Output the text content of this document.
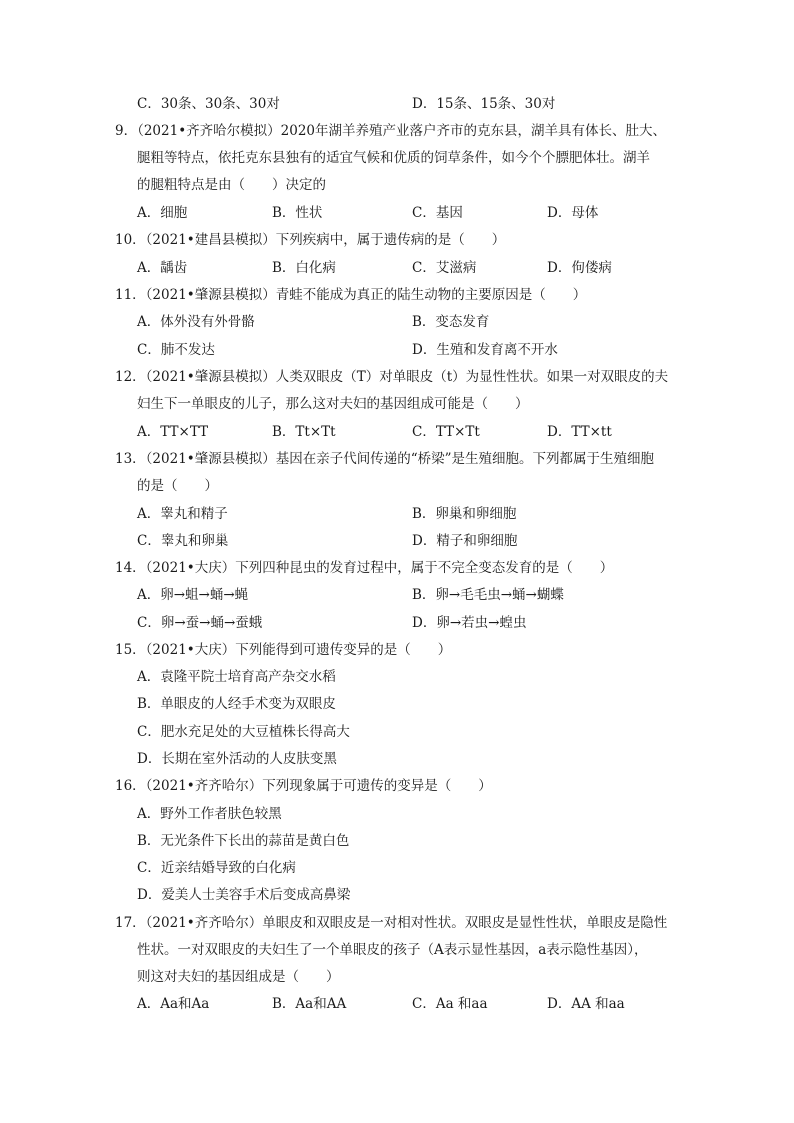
C．30条、30条、30对	D．15条、15条、30对
9．（2021•齐齐哈尔模拟）2020年湖羊养殖产业落户齐市的克东县，湖羊具有体长、肚大、
腿粗等特点，依托克东县独有的适宜气候和优质的饲草条件，如今个个膘肥体壮。湖羊
的腿粗特点是由（　　）决定的
A．细胞	B．性状	C．基因	D．母体
10．（2021•建昌县模拟）下列疾病中，属于遗传病的是（　　）
A．龋齿	B．白化病	C．艾滋病	D．佝偻病
11．（2021•肇源县模拟）青蛙不能成为真正的陆生动物的主要原因是（　　）
A．体外没有外骨骼	B．变态发育
C．肺不发达	D．生殖和发育离不开水
12．（2021•肇源县模拟）人类双眼皮（T）对单眼皮（t）为显性性状。如果一对双眼皮的夫
妇生下一单眼皮的儿子，那么这对夫妇的基因组成可能是（　　）
A．TT×TT	B．Tt×Tt	C．TT×Tt	D．TT×tt
13．（2021•肇源县模拟）基因在亲子代间传递的“桥梁”是生殖细胞。下列都属于生殖细胞
的是（　　）
A．睾丸和精子	B．卵巢和卵细胞
C．睾丸和卵巢	D．精子和卵细胞
14．（2021•大庆）下列四种昆虫的发育过程中，属于不完全变态发育的是（　　）
A．卵→蛆→蛹→蝇	B．卵→毛毛虫→蛹→蝴蝶
C．卵→蚕→蛹→蚕蛾	D．卵→若虫→蝗虫
15．（2021•大庆）下列能得到可遗传变异的是（　　）
A．袁隆平院士培育高产杂交水稻
B．单眼皮的人经手术变为双眼皮
C．肥水充足处的大豆植株长得高大
D．长期在室外活动的人皮肤变黑
16．（2021•齐齐哈尔）下列现象属于可遗传的变异是（　　）
A．野外工作者肤色较黑
B．无光条件下长出的蒜苗是黄白色
C．近亲结婚导致的白化病
D．爱美人士美容手术后变成高鼻梁
17．（2021•齐齐哈尔）单眼皮和双眼皮是一对相对性状。双眼皮是显性性状，单眼皮是隐性
性状。一对双眼皮的夫妇生了一个单眼皮的孩子（A表示显性基因，a表示隐性基因），
则这对夫妇的基因组成是（　　）
A．Aa和Aa	B．Aa和AA	C．Aa 和aa	D．AA 和aa
